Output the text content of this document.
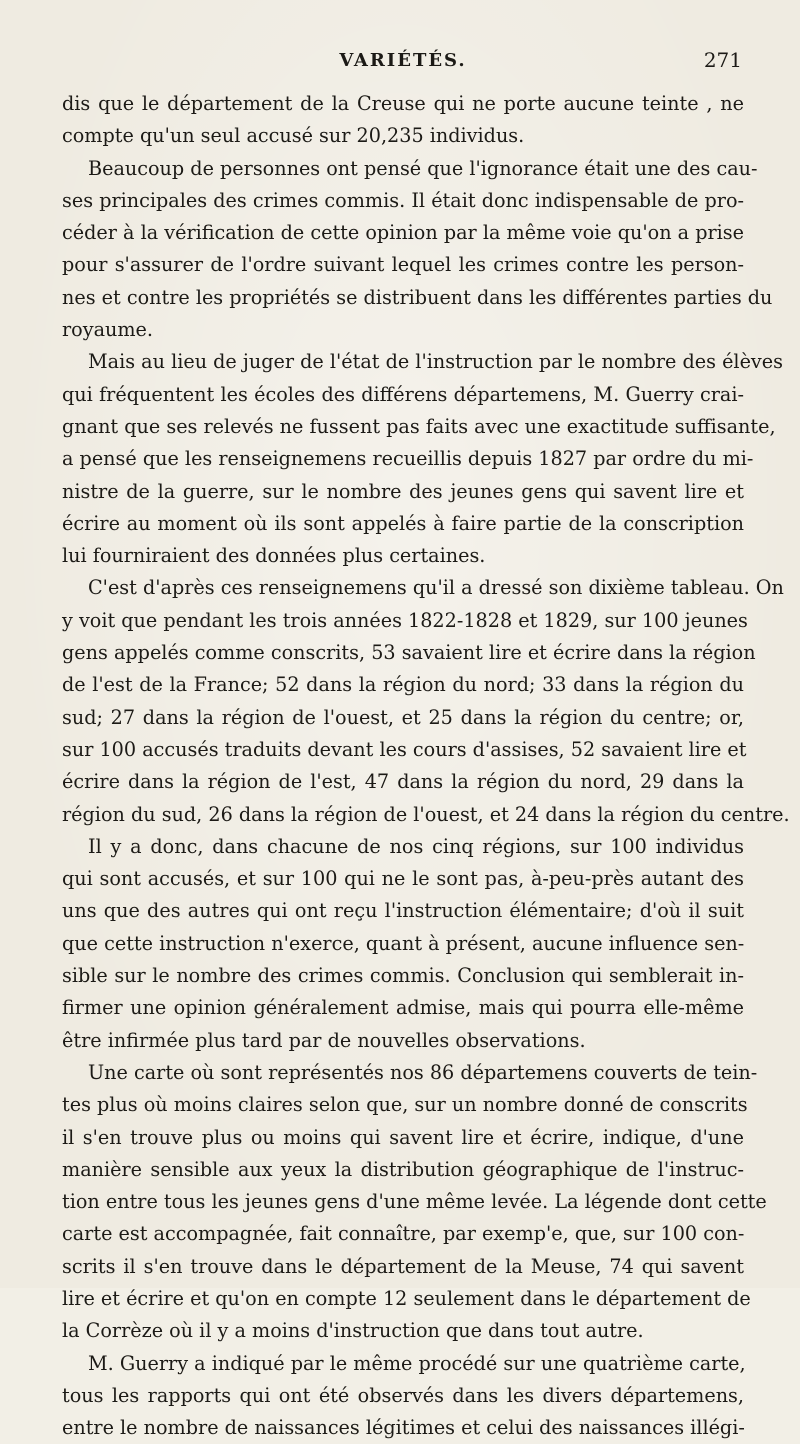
VARIÉTÉS.	271
dis que le département de la Creuse qui ne porte aucune teinte , ne
compte qu'un seul accusé sur 20,235 individus.
Beaucoup de personnes ont pensé que l'ignorance était une des cau-
ses principales des crimes commis. Il était donc indispensable de pro-
céder à la vérification de cette opinion par la même voie qu'on a prise
pour s'assurer de l'ordre suivant lequel les crimes contre les person-
nes et contre les propriétés se distribuent dans les différentes parties du
royaume.
Mais au lieu de juger de l'état de l'instruction par le nombre des élèves
qui fréquentent les écoles des différens départemens, M. Guerry crai-
gnant que ses relevés ne fussent pas faits avec une exactitude suffisante,
a pensé que les renseignemens recueillis depuis 1827 par ordre du mi-
nistre de la guerre, sur le nombre des jeunes gens qui savent lire et
écrire au moment où ils sont appelés à faire partie de la conscription
lui fourniraient des données plus certaines.
C'est d'après ces renseignemens qu'il a dressé son dixième tableau. On
y voit que pendant les trois années 1822-1828 et 1829, sur 100 jeunes
gens appelés comme conscrits, 53 savaient lire et écrire dans la région
de l'est de la France; 52 dans la région du nord; 33 dans la région du
sud; 27 dans la région de l'ouest, et 25 dans la région du centre; or,
sur 100 accusés traduits devant les cours d'assises, 52 savaient lire et
écrire dans la région de l'est, 47 dans la région du nord, 29 dans la
région du sud, 26 dans la région de l'ouest, et 24 dans la région du centre.
Il y a donc, dans chacune de nos cinq régions, sur 100 individus
qui sont accusés, et sur 100 qui ne le sont pas, à-peu-près autant des
uns que des autres qui ont reçu l'instruction élémentaire; d'où il suit
que cette instruction n'exerce, quant à présent, aucune influence sen-
sible sur le nombre des crimes commis. Conclusion qui semblerait in-
firmer une opinion généralement admise, mais qui pourra elle-même
être infirmée plus tard par de nouvelles observations.
Une carte où sont représentés nos 86 départemens couverts de tein-
tes plus où moins claires selon que, sur un nombre donné de conscrits
il s'en trouve plus ou moins qui savent lire et écrire, indique, d'une
manière sensible aux yeux la distribution géographique de l'instruc-
tion entre tous les jeunes gens d'une même levée. La légende dont cette
carte est accompagnée, fait connaître, par exemp'e, que, sur 100 con-
scrits il s'en trouve dans le département de la Meuse, 74 qui savent
lire et écrire et qu'on en compte 12 seulement dans le département de
la Corrèze où il y a moins d'instruction que dans tout autre.
M. Guerry a indiqué par le même procédé sur une quatrième carte,
tous les rapports qui ont été observés dans les divers départemens,
entre le nombre de naissances légitimes et celui des naissances illégi-
